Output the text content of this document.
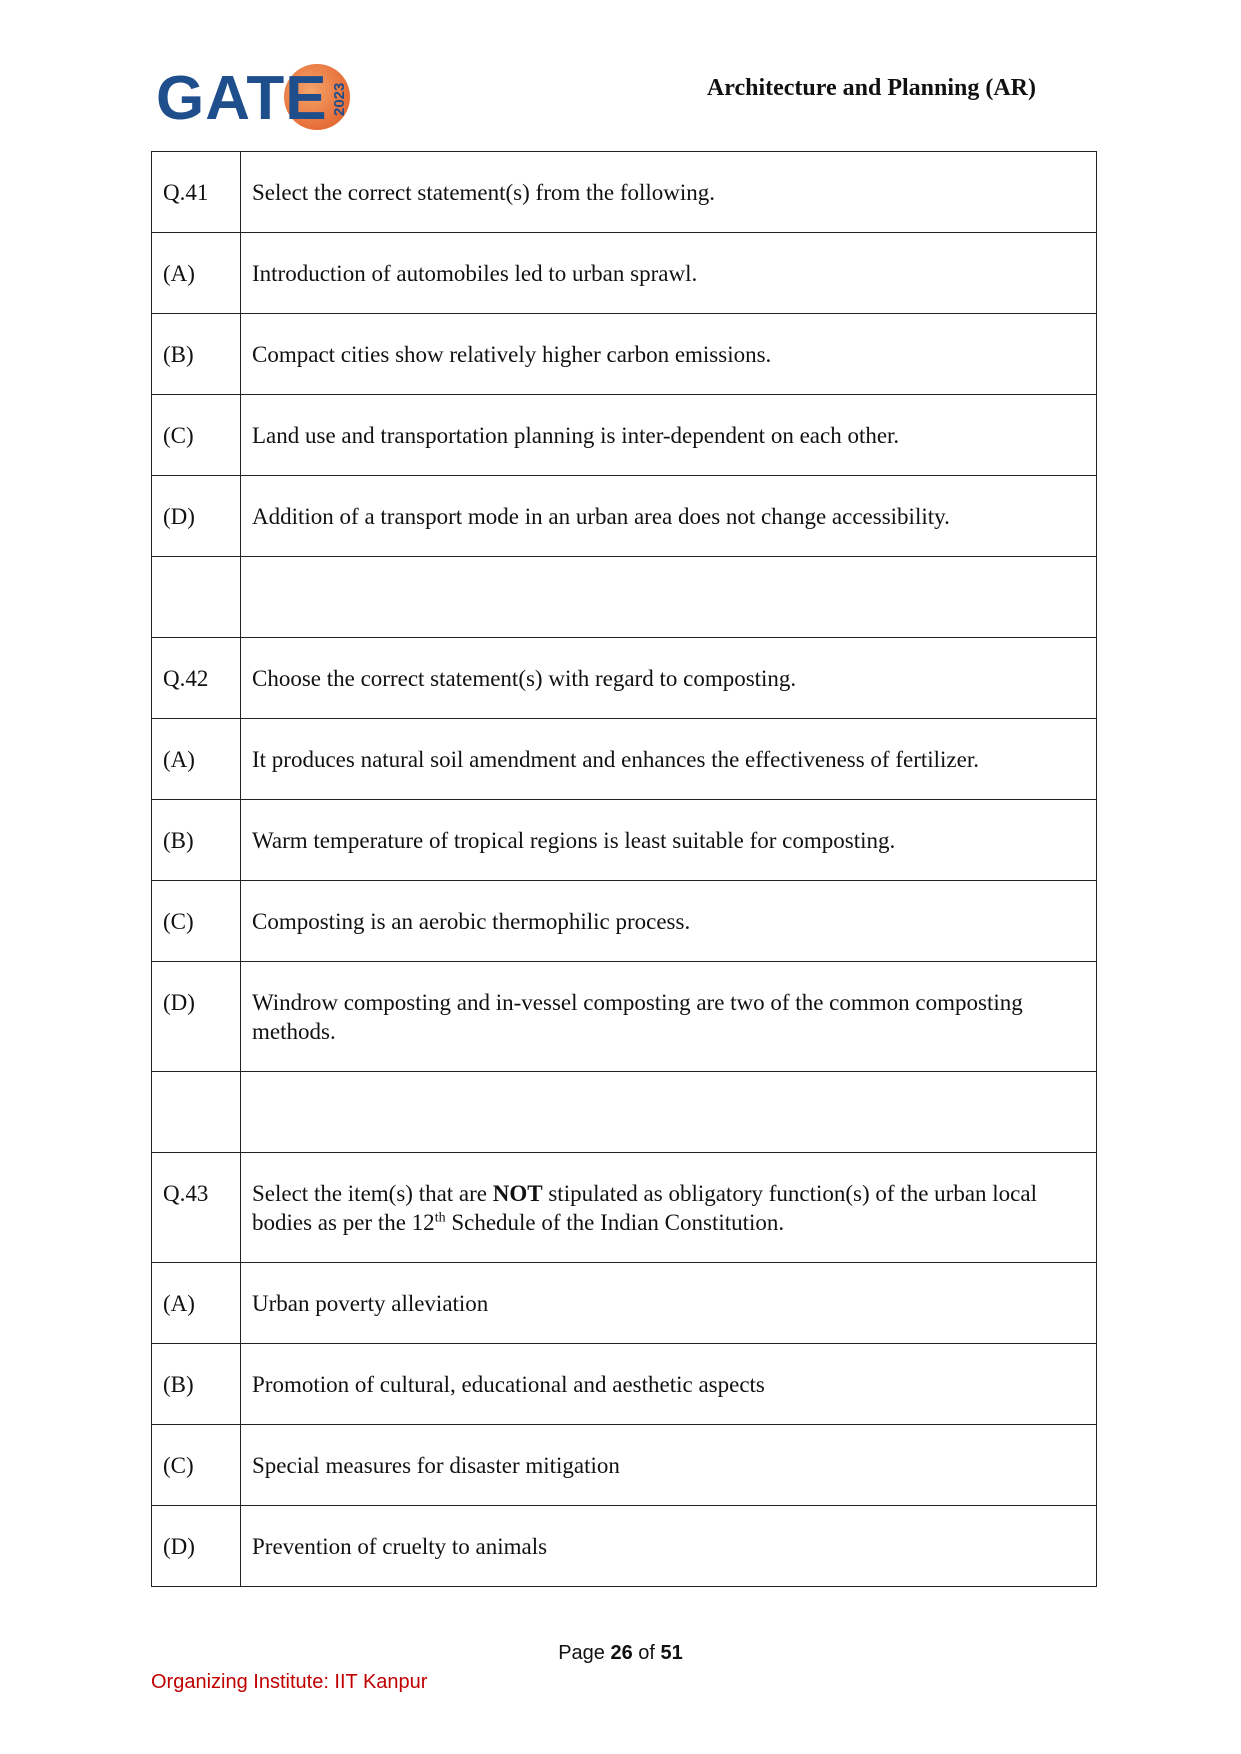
GATE 2023	Architecture and Planning (AR)
Q.41	Select the correct statement(s) from the following.
(A)	Introduction of automobiles led to urban sprawl.
(B)	Compact cities show relatively higher carbon emissions.
(C)	Land use and transportation planning is inter-dependent on each other.
(D)	Addition of a transport mode in an urban area does not change accessibility.

Q.42	Choose the correct statement(s) with regard to composting.
(A)	It produces natural soil amendment and enhances the effectiveness of fertilizer.
(B)	Warm temperature of tropical regions is least suitable for composting.
(C)	Composting is an aerobic thermophilic process.
(D)	Windrow composting and in-vessel composting are two of the common composting methods.

Q.43	Select the item(s) that are NOT stipulated as obligatory function(s) of the urban local bodies as per the 12th Schedule of the Indian Constitution.
(A)	Urban poverty alleviation
(B)	Promotion of cultural, educational and aesthetic aspects
(C)	Special measures for disaster mitigation
(D)	Prevention of cruelty to animals
Page 26 of 51
Organizing Institute: IIT Kanpur
